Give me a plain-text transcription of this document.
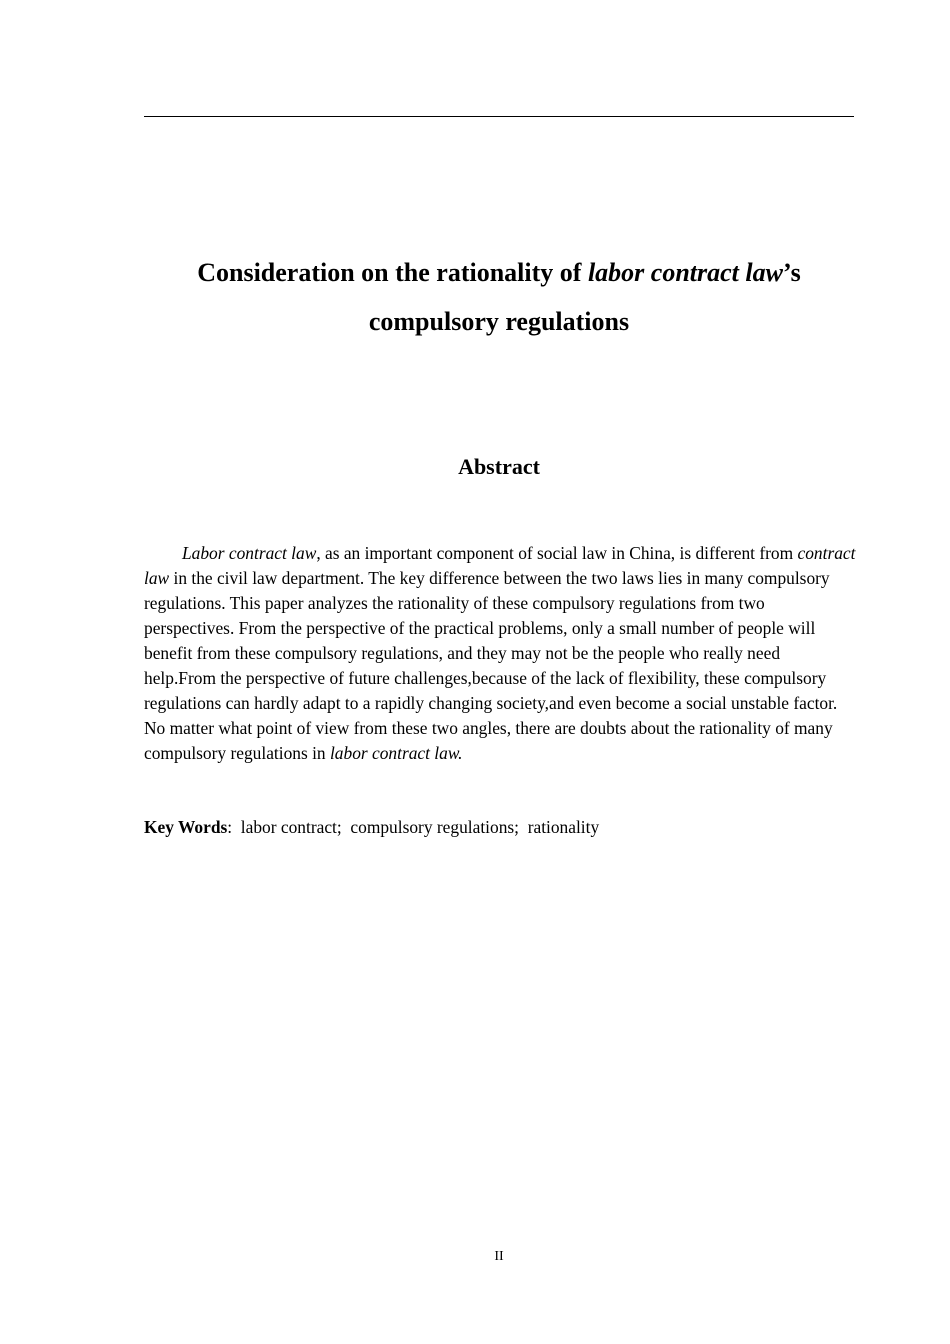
Consideration on the rationality of labor contract law’s
compulsory regulations
Abstract

Labor contract law, as an important component of social law in China, is different from contract law in the civil law department. The key difference between the two laws lies in many compulsory regulations. This paper analyzes the rationality of these compulsory regulations from two perspectives. From the perspective of the practical problems, only a small number of people will benefit from these compulsory regulations, and they may not be the people who really need help.From the perspective of future challenges,because of the lack of flexibility, these compulsory regulations can hardly adapt to a rapidly changing society,and even become a social unstable factor. No matter what point of view from these two angles, there are doubts about the rationality of many compulsory regulations in labor contract law.

Key Words:  labor contract;  compulsory regulations;  rationality

II
